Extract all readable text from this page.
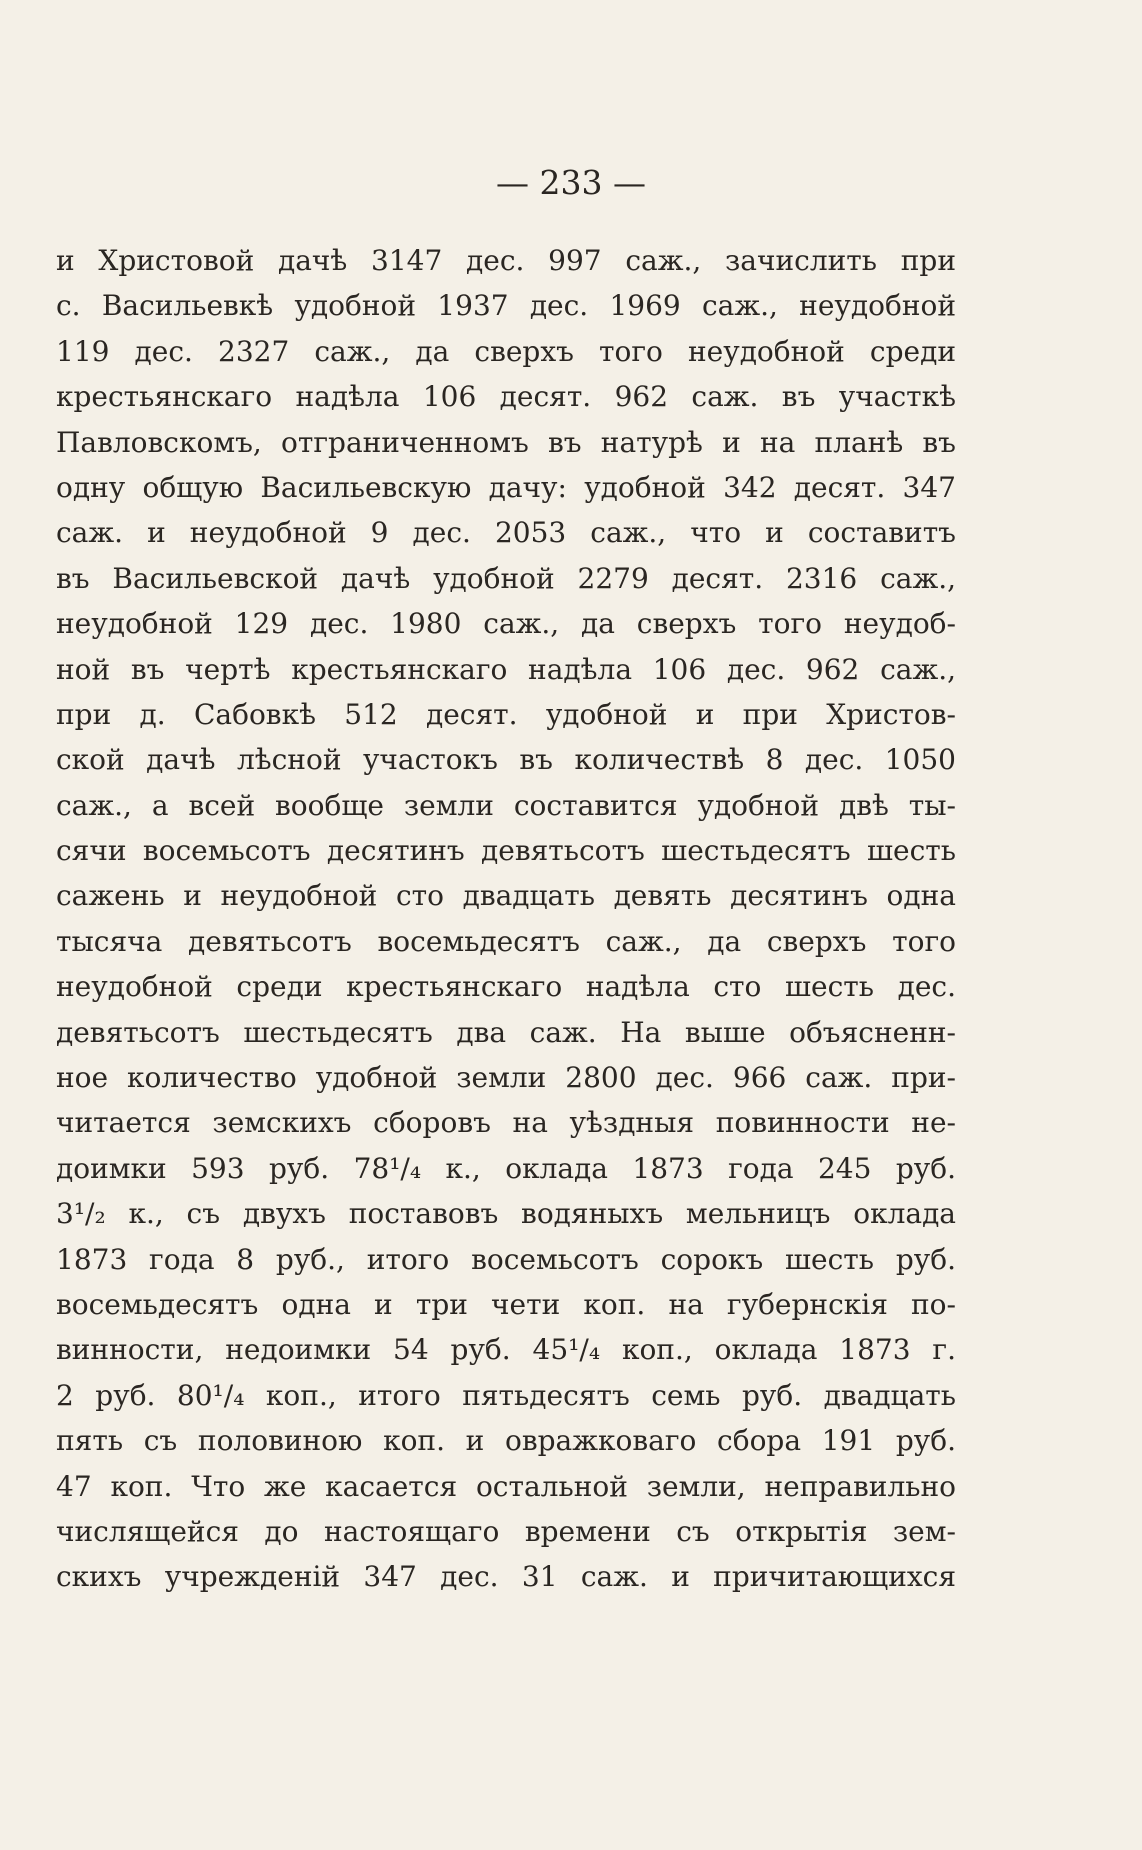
— 233 —

и Христовой дачѣ 3147 дес. 997 саж., зачислить при
с. Васильевкѣ удобной 1937 дес. 1969 саж., неудобной
119 дес. 2327 саж., да сверхъ того неудобной среди
крестьянскаго надѣла 106 десят. 962 саж. въ участкѣ
Павловскомъ, отграниченномъ въ натурѣ и на планѣ въ
одну общую Васильевскую дачу: удобной 342 десят. 347
саж. и неудобной 9 дес. 2053 саж., что и составитъ
въ Васильевской дачѣ удобной 2279 десят. 2316 саж.,
неудобной 129 дес. 1980 саж., да сверхъ того неудоб-
ной въ чертѣ крестьянскаго надѣла 106 дес. 962 саж.,
при д. Сабовкѣ 512 десят. удобной и при Христов-
ской дачѣ лѣсной участокъ въ количествѣ 8 дес. 1050
саж., а всей вообще земли составится удобной двѣ ты-
сячи восемьсотъ десятинъ девятьсотъ шестьдесятъ шесть
сажень и неудобной сто двадцать девять десятинъ одна
тысяча девятьсотъ восемьдесятъ саж., да сверхъ того
неудобной среди крестьянскаго надѣла сто шесть дес.
девятьсотъ шестьдесятъ два саж. На выше объясненн-
ное количество удобной земли 2800 дес. 966 саж. при-
читается земскихъ сборовъ на уѣздныя повинности не-
доимки 593 руб. 78¹/₄ к., оклада 1873 года 245 руб.
3¹/₂ к., съ двухъ поставовъ водяныхъ мельницъ оклада
1873 года 8 руб., итого восемьсотъ сорокъ шесть руб.
восемьдесятъ одна и три чети коп. на губернскія по-
винности, недоимки 54 руб. 45¹/₄ коп., оклада 1873 г.
2 руб. 80¹/₄ коп., итого пятьдесятъ семь руб. двадцать
пять съ половиною коп. и овражковаго сбора 191 руб.
47 коп. Что же касается остальной земли, неправильно
числящейся до настоящаго времени съ открытія зем-
скихъ учрежденій 347 дес. 31 саж. и причитающихся
